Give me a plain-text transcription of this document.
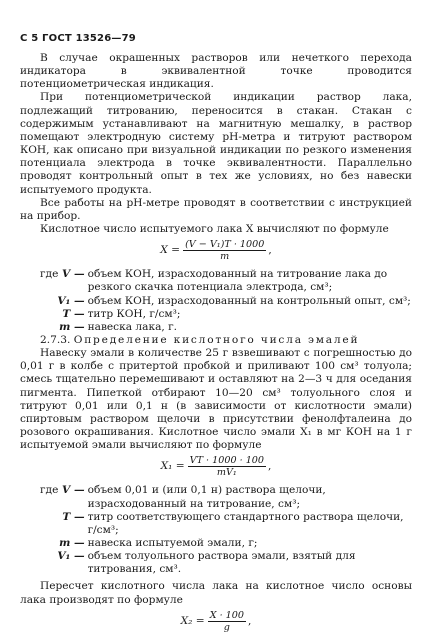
С 5 ГОСТ 13526—79

В случае окрашенных растворов или нечеткого перехода индикатора в эквивалентной точке проводится потенциометрическая индикация.

При потенциометрической индикации раствор лака, подлежащий титрованию, переносится в стакан. Стакан с содержимым устанавливают на магнитную мешалку, в раствор помещают электродную систему рН-метра и титруют раствором КОН, как описано при визуальной индикации по резкого изменения потенциала электрода в точке эквивалентности. Параллельно проводят контрольный опыт в тех же условиях, но без навески испытуемого продукта.

Все работы на рН-метре проводят в соответствии с инструкцией на прибор.

Кислотное число испытуемого лака X вычисляют по формуле

$X = \frac{\text{(V − V₁)T · 1000}}{m}$ ,
где V — объем КОН, израсходованный на титрование лака до резкого скачка потенциала электрода, см³;
V₁ — объем КОН, израсходованный на контрольный опыт, см³;
T — титр КОН, г/см³;
m — навеска лака, г.

2.7.3. Определение кислотного числа эмалей

Навеску эмали в количестве 25 г взвешивают с погрешностью до 0,01 г в колбе с притертой пробкой и приливают 100 см³ толуола; смесь тщательно перемешивают и оставляют на 2—3 ч для оседания пигмента. Пипеткой отбирают 10—20 см³ толуольного слоя и титруют 0,01 или 0,1 н (в зависимости от кислотности эмали) спиртовым раствором щелочи в присутствии фенолфталеина до розового окрашивания. Кислотное число эмали X₁ в мг КОН на 1 г испытуемой эмали вычисляют по формуле

$X_1 = \frac{VT \cdot 1000 \cdot 100}{\text{mV₁}}$ ,
где V — объем 0,01 и (или 0,1 н) раствора щелочи, израсходованный на титрование, см³;
T — титр соответствующего стандартного раствора щелочи, г/см³;
m — навеска испытуемой эмали, г;
V₁ — объем толуольного раствора эмали, взятый для титрования, см³.

Пересчет кислотного числа лака на кислотное число основы лака производят по формуле

$X_2 = \frac{X \cdot 100}{g}$ ,
